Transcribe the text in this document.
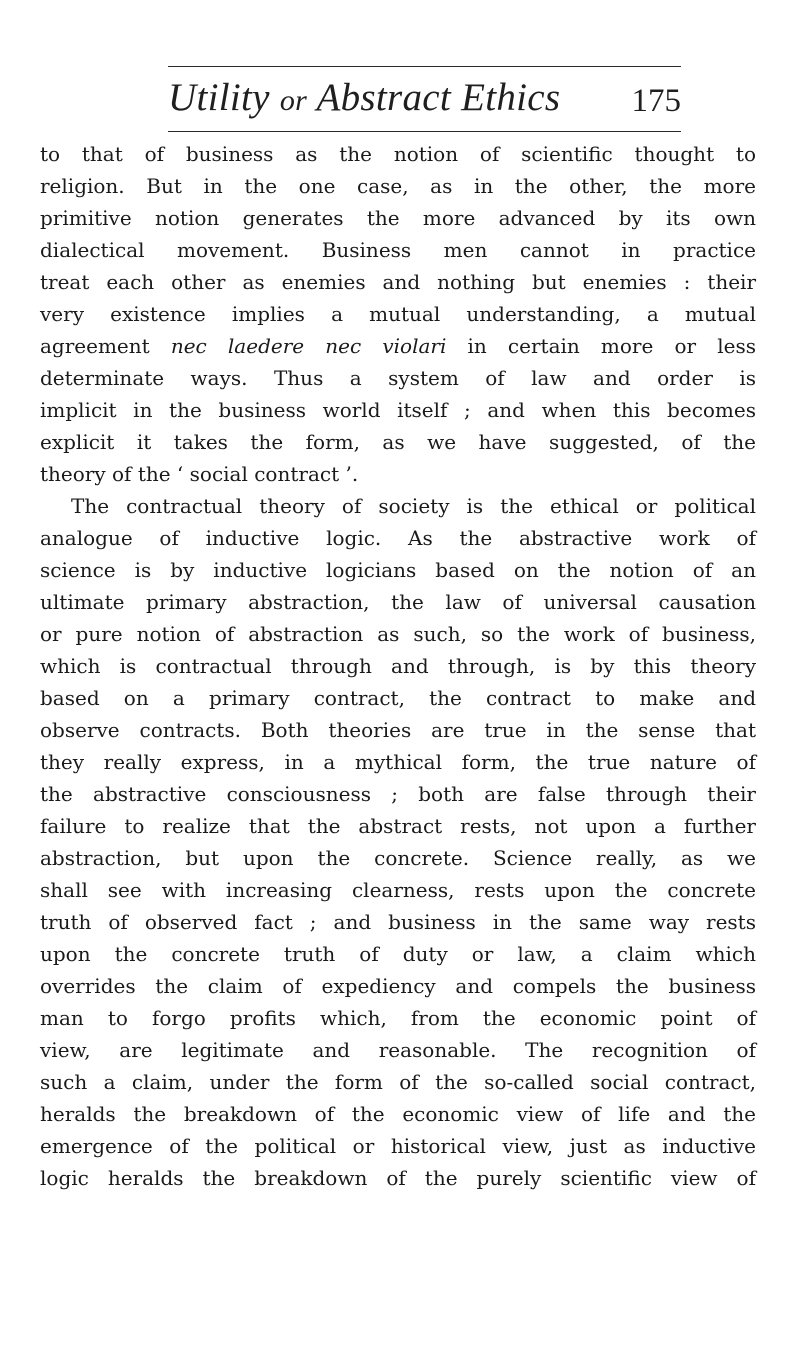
Utility or Abstract Ethics 175
to that of business as the notion of scientific thought to
religion. But in the one case, as in the other, the more
primitive notion generates the more advanced by its own
dialectical movement. Business men cannot in practice
treat each other as enemies and nothing but enemies : their
very existence implies a mutual understanding, a mutual
agreement nec laedere nec violari in certain more or less
determinate ways. Thus a system of law and order is
implicit in the business world itself ; and when this becomes
explicit it takes the form, as we have suggested, of the
theory of the ‘ social contract ’.
The contractual theory of society is the ethical or political
analogue of inductive logic. As the abstractive work of
science is by inductive logicians based on the notion of an
ultimate primary abstraction, the law of universal causation
or pure notion of abstraction as such, so the work of business,
which is contractual through and through, is by this theory
based on a primary contract, the contract to make and
observe contracts. Both theories are true in the sense that
they really express, in a mythical form, the true nature of
the abstractive consciousness ; both are false through their
failure to realize that the abstract rests, not upon a further
abstraction, but upon the concrete. Science really, as we
shall see with increasing clearness, rests upon the concrete
truth of observed fact ; and business in the same way rests
upon the concrete truth of duty or law, a claim which
overrides the claim of expediency and compels the business
man to forgo profits which, from the economic point of
view, are legitimate and reasonable. The recognition of
such a claim, under the form of the so-called social contract,
heralds the breakdown of the economic view of life and the
emergence of the political or historical view, just as inductive
logic heralds the breakdown of the purely scientific view of
